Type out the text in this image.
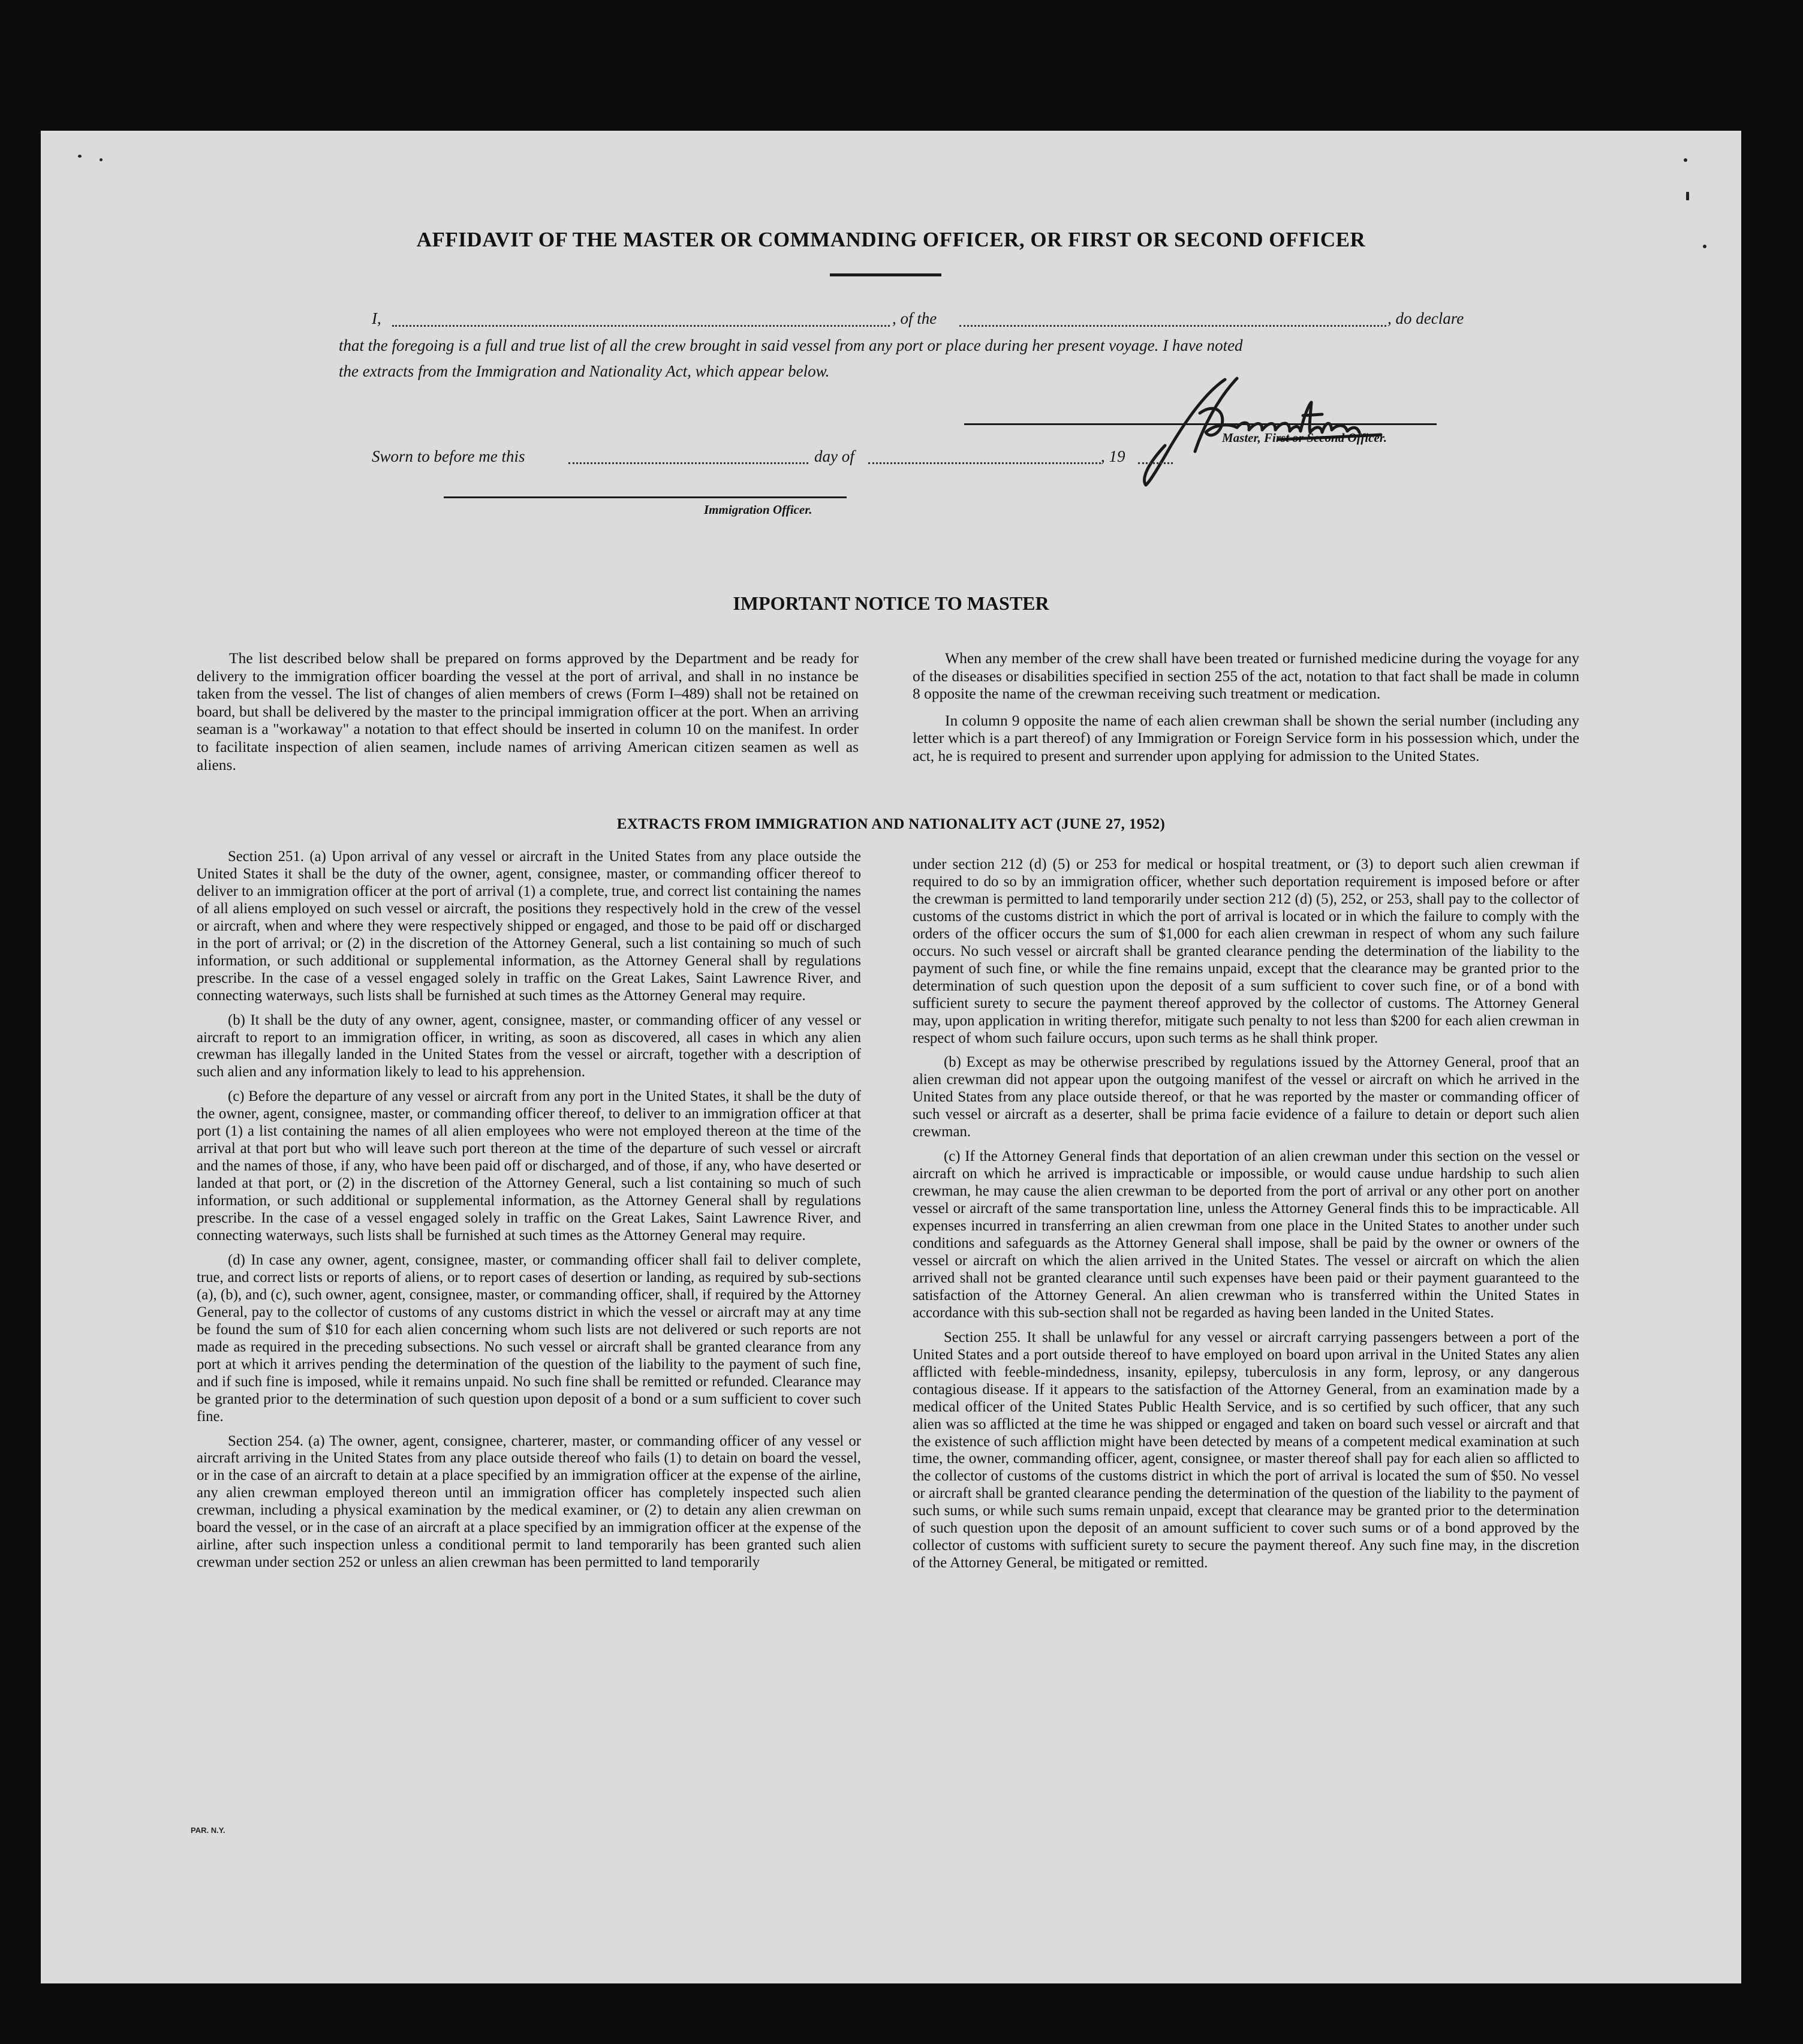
AFFIDAVIT OF THE MASTER OR COMMANDING OFFICER, OR FIRST OR SECOND OFFICER
I,	, of the	, do declare
that the foregoing is a full and true list of all the crew brought in said vessel from any port or place during her present voyage. I have noted
the extracts from the Immigration and Nationality Act, which appear below.
Master, First or Second Officer.
Sworn to before me this	day of	, 19
Immigration Officer.
IMPORTANT NOTICE TO MASTER

The list described below shall be prepared on forms approved by the Department and be ready for delivery to the immigration officer boarding the vessel at the port of arrival, and shall in no instance be taken from the vessel. The list of changes of alien members of crews (Form I–489) shall not be retained on board, but shall be delivered by the master to the principal immigration officer at the port. When an arriving seaman is a "workaway" a notation to that effect should be inserted in column 10 on the manifest. In order to facilitate inspection of alien seamen, include names of arriving American citizen seamen as well as aliens.

When any member of the crew shall have been treated or furnished medicine during the voyage for any of the diseases or disabilities specified in section 255 of the act, notation to that fact shall be made in column 8 opposite the name of the crewman receiving such treatment or medication.

In column 9 opposite the name of each alien crewman shall be shown the serial number (including any letter which is a part thereof) of any Immigration or Foreign Service form in his possession which, under the act, he is required to present and surrender upon applying for admission to the United States.

EXTRACTS FROM IMMIGRATION AND NATIONALITY ACT (JUNE 27, 1952)

Section 251. (a) Upon arrival of any vessel or aircraft in the United States from any place outside the United States it shall be the duty of the owner, agent, consignee, master, or commanding officer thereof to deliver to an immigration officer at the port of arrival (1) a complete, true, and correct list containing the names of all aliens employed on such vessel or aircraft, the positions they respectively hold in the crew of the vessel or aircraft, when and where they were respectively shipped or engaged, and those to be paid off or discharged in the port of arrival; or (2) in the discretion of the Attorney General, such a list containing so much of such information, or such additional or supplemental information, as the Attorney General shall by regulations prescribe. In the case of a vessel engaged solely in traffic on the Great Lakes, Saint Lawrence River, and connecting waterways, such lists shall be furnished at such times as the Attorney General may require.

(b) It shall be the duty of any owner, agent, consignee, master, or commanding officer of any vessel or aircraft to report to an immigration officer, in writing, as soon as discovered, all cases in which any alien crewman has illegally landed in the United States from the vessel or aircraft, together with a description of such alien and any information likely to lead to his apprehension.

(c) Before the departure of any vessel or aircraft from any port in the United States, it shall be the duty of the owner, agent, consignee, master, or commanding officer thereof, to deliver to an immigration officer at that port (1) a list containing the names of all alien employees who were not employed thereon at the time of the arrival at that port but who will leave such port thereon at the time of the departure of such vessel or aircraft and the names of those, if any, who have been paid off or discharged, and of those, if any, who have deserted or landed at that port, or (2) in the discretion of the Attorney General, such a list containing so much of such information, or such additional or supplemental information, as the Attorney General shall by regulations prescribe. In the case of a vessel engaged solely in traffic on the Great Lakes, Saint Lawrence River, and connecting waterways, such lists shall be furnished at such times as the Attorney General may require.

(d) In case any owner, agent, consignee, master, or commanding officer shall fail to deliver complete, true, and correct lists or reports of aliens, or to report cases of desertion or landing, as required by sub-sections (a), (b), and (c), such owner, agent, consignee, master, or commanding officer, shall, if required by the Attorney General, pay to the collector of customs of any customs district in which the vessel or aircraft may at any time be found the sum of $10 for each alien concerning whom such lists are not delivered or such reports are not made as required in the preceding subsections. No such vessel or aircraft shall be granted clearance from any port at which it arrives pending the determination of the question of the liability to the payment of such fine, and if such fine is imposed, while it remains unpaid. No such fine shall be remitted or refunded. Clearance may be granted prior to the determination of such question upon deposit of a bond or a sum sufficient to cover such fine.

Section 254. (a) The owner, agent, consignee, charterer, master, or commanding officer of any vessel or aircraft arriving in the United States from any place outside thereof who fails (1) to detain on board the vessel, or in the case of an aircraft to detain at a place specified by an immigration officer at the expense of the airline, any alien crewman employed thereon until an immigration officer has completely inspected such alien crewman, including a physical examination by the medical examiner, or (2) to detain any alien crewman on board the vessel, or in the case of an aircraft at a place specified by an immigration officer at the expense of the airline, after such inspection unless a conditional permit to land temporarily has been granted such alien crewman under section 252 or unless an alien crewman has been permitted to land temporarily

under section 212 (d) (5) or 253 for medical or hospital treatment, or (3) to deport such alien crewman if required to do so by an immigration officer, whether such deportation requirement is imposed before or after the crewman is permitted to land temporarily under section 212 (d) (5), 252, or 253, shall pay to the collector of customs of the customs district in which the port of arrival is located or in which the failure to comply with the orders of the officer occurs the sum of $1,000 for each alien crewman in respect of whom any such failure occurs. No such vessel or aircraft shall be granted clearance pending the determination of the liability to the payment of such fine, or while the fine remains unpaid, except that the clearance may be granted prior to the determination of such question upon the deposit of a sum sufficient to cover such fine, or of a bond with sufficient surety to secure the payment thereof approved by the collector of customs. The Attorney General may, upon application in writing therefor, mitigate such penalty to not less than $200 for each alien crewman in respect of whom such failure occurs, upon such terms as he shall think proper.

(b) Except as may be otherwise prescribed by regulations issued by the Attorney General, proof that an alien crewman did not appear upon the outgoing manifest of the vessel or aircraft on which he arrived in the United States from any place outside thereof, or that he was reported by the master or commanding officer of such vessel or aircraft as a deserter, shall be prima facie evidence of a failure to detain or deport such alien crewman.

(c) If the Attorney General finds that deportation of an alien crewman under this section on the vessel or aircraft on which he arrived is impracticable or impossible, or would cause undue hardship to such alien crewman, he may cause the alien crewman to be deported from the port of arrival or any other port on another vessel or aircraft of the same transportation line, unless the Attorney General finds this to be impracticable. All expenses incurred in transferring an alien crewman from one place in the United States to another under such conditions and safeguards as the Attorney General shall impose, shall be paid by the owner or owners of the vessel or aircraft on which the alien arrived in the United States. The vessel or aircraft on which the alien arrived shall not be granted clearance until such expenses have been paid or their payment guaranteed to the satisfaction of the Attorney General. An alien crewman who is transferred within the United States in accordance with this sub-section shall not be regarded as having been landed in the United States.

Section 255. It shall be unlawful for any vessel or aircraft carrying passengers between a port of the United States and a port outside thereof to have employed on board upon arrival in the United States any alien afflicted with feeble-mindedness, insanity, epilepsy, tuberculosis in any form, leprosy, or any dangerous contagious disease. If it appears to the satisfaction of the Attorney General, from an examination made by a medical officer of the United States Public Health Service, and is so certified by such officer, that any such alien was so afflicted at the time he was shipped or engaged and taken on board such vessel or aircraft and that the existence of such affliction might have been detected by means of a competent medical examination at such time, the owner, commanding officer, agent, consignee, or master thereof shall pay for each alien so afflicted to the collector of customs of the customs district in which the port of arrival is located the sum of $50. No vessel or aircraft shall be granted clearance pending the determination of the question of the liability to the payment of such sums, or while such sums remain unpaid, except that clearance may be granted prior to the determination of such question upon the deposit of an amount sufficient to cover such sums or of a bond approved by the collector of customs with sufficient surety to secure the payment thereof. Any such fine may, in the discretion of the Attorney General, be mitigated or remitted.

PAR. N.Y.
